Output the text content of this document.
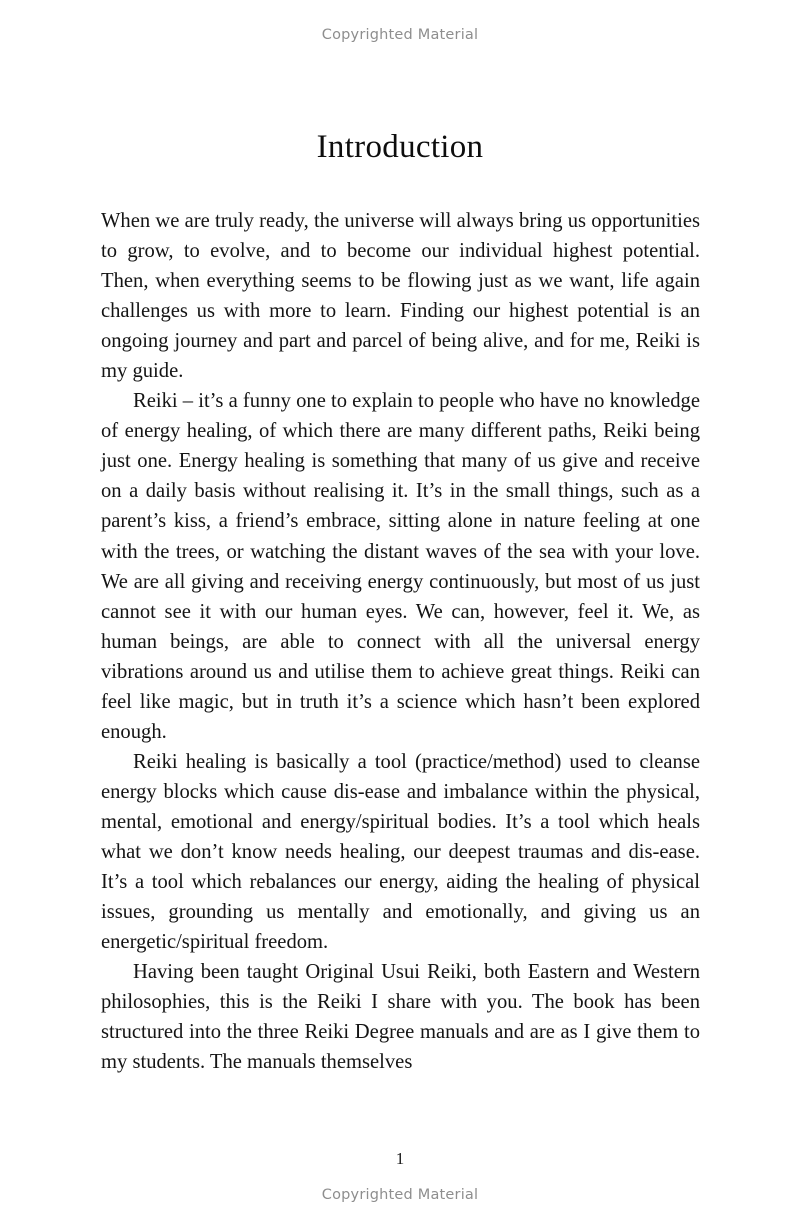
Copyrighted Material
Introduction

When we are truly ready, the universe will always bring us opportunities to grow, to evolve, and to become our individual highest potential. Then, when everything seems to be flowing just as we want, life again challenges us with more to learn. Finding our highest potential is an ongoing journey and part and parcel of being alive, and for me, Reiki is my guide.

Reiki – it’s a funny one to explain to people who have no knowledge of energy healing, of which there are many different paths, Reiki being just one. Energy healing is something that many of us give and receive on a daily basis without realising it. It’s in the small things, such as a parent’s kiss, a friend’s embrace, sitting alone in nature feeling at one with the trees, or watching the distant waves of the sea with your love. We are all giving and receiving energy continuously, but most of us just cannot see it with our human eyes. We can, however, feel it. We, as human beings, are able to connect with all the universal energy vibrations around us and utilise them to achieve great things. Reiki can feel like magic, but in truth it’s a science which hasn’t been explored enough.

Reiki healing is basically a tool (practice/method) used to cleanse energy blocks which cause dis-ease and imbalance within the physical, mental, emotional and energy/spiritual bodies. It’s a tool which heals what we don’t know needs healing, our deepest traumas and dis-ease. It’s a tool which rebalances our energy, aiding the healing of physical issues, grounding us mentally and emotionally, and giving us an energetic/spiritual freedom.

Having been taught Original Usui Reiki, both Eastern and Western philosophies, this is the Reiki I share with you. The book has been structured into the three Reiki Degree manuals and are as I give them to my students. The manuals themselves

1
Copyrighted Material
